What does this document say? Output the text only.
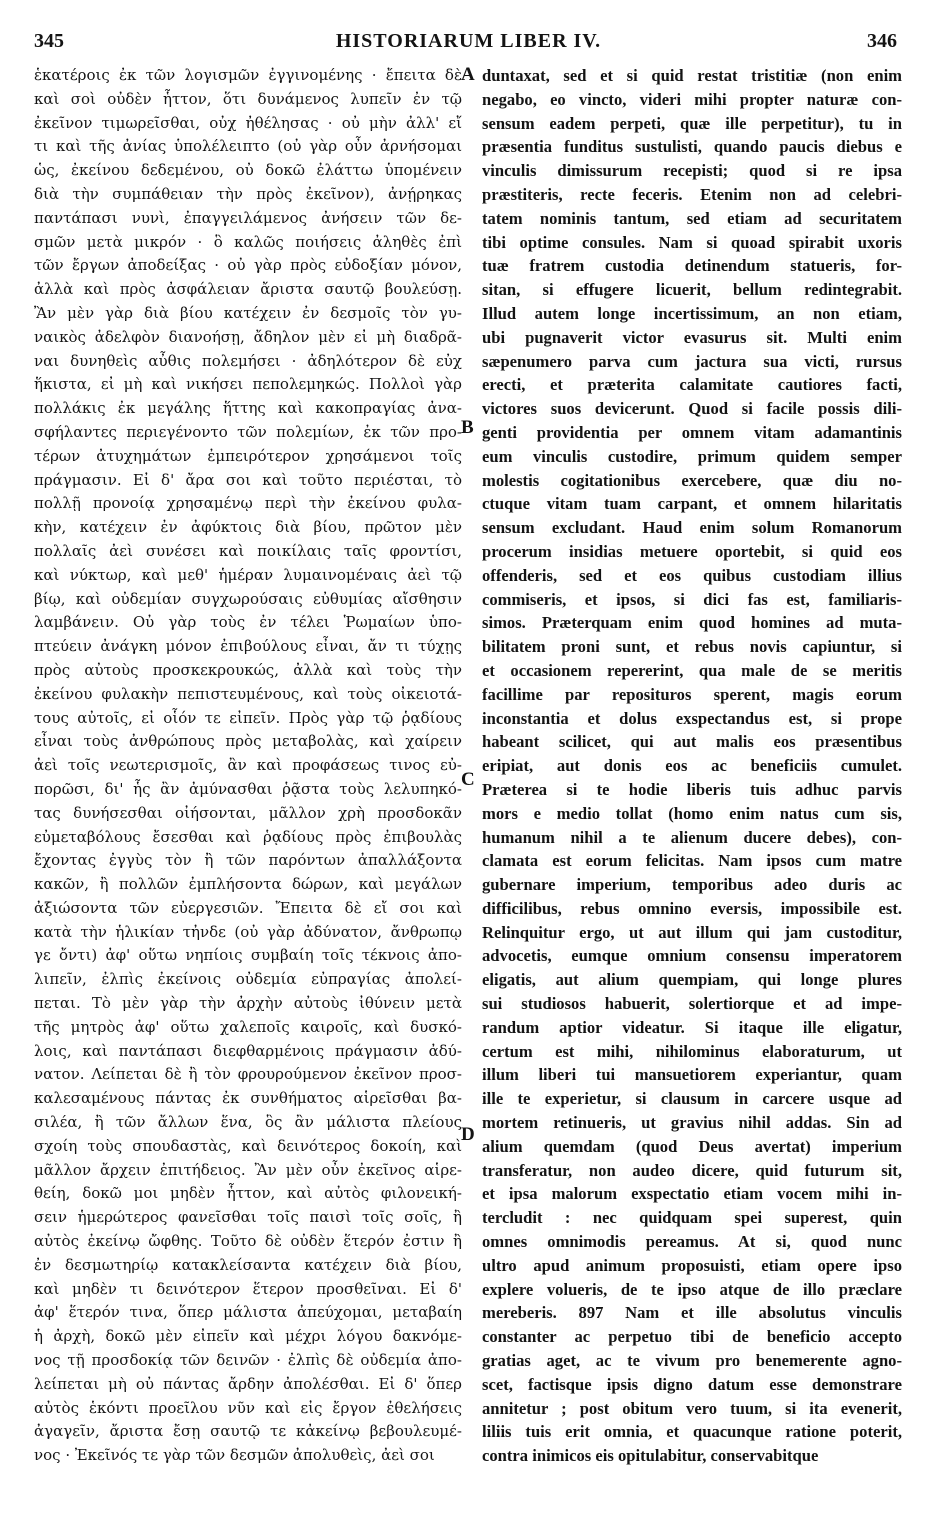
345	HISTORIARUM LIBER IV.	346
ἑκατέροις ἐκ τῶν λογισμῶν ἐγγινομένης · ἔπειτα δὲ
καὶ σοὶ οὐδὲν ἧττον, ὅτι δυνάμενος λυπεῖν ἐν τῷ
ἐκεῖνον τιμωρεῖσθαι, οὐχ ἠθέλησας · οὐ μὴν ἀλλ' εἴ
τι καὶ τῆς ἀνίας ὑπολέλειπτο (οὐ γὰρ οὖν ἀρνήσομαι
ὡς, ἐκείνου δεδεμένου, οὐ δοκῶ ἐλάττω ὑπομένειν
διὰ τὴν συμπάθειαν τὴν πρὸς ἐκεῖνον), ἀνῄρηκας
παντάπασι νυνὶ, ἐπαγγειλάμενος ἀνήσειν τῶν δε-
σμῶν μετὰ μικρόν · ὃ καλῶς ποιήσεις ἀληθὲς ἐπὶ
τῶν ἔργων ἀποδείξας · οὐ γὰρ πρὸς εὐδοξίαν μόνον,
ἀλλὰ καὶ πρὸς ἀσφάλειαν ἄριστα σαυτῷ βουλεύσῃ.
Ἂν μὲν γὰρ διὰ βίου κατέχειν ἐν δεσμοῖς τὸν γυ-
ναικὸς ἀδελφὸν διανοήσῃ, ἄδηλον μὲν εἰ μὴ διαδρᾶ-
ναι δυνηθεὶς αὖθις πολεμήσει · ἀδηλότερον δὲ εὐχ
ἥκιστα, εἰ μὴ καὶ νικήσει πεπολεμηκώς. Πολλοὶ γὰρ
πολλάκις ἐκ μεγάλης ἥττης καὶ κακοπραγίας ἀνα-
σφήλαντες περιεγένοντο τῶν πολεμίων, ἐκ τῶν προ-
τέρων ἀτυχημάτων ἐμπειρότερον χρησάμενοι τοῖς
πράγμασιν. Εἰ δ' ἄρα σοι καὶ τοῦτο περιέσται, τὸ
πολλῇ προνοίᾳ χρησαμένῳ περὶ τὴν ἐκείνου φυλα-
κὴν, κατέχειν ἐν ἀφύκτοις διὰ βίου, πρῶτον μὲν
πολλαῖς ἀεὶ συνέσει καὶ ποικίλαις ταῖς φροντίσι,
καὶ νύκτωρ, καὶ μεθ' ἡμέραν λυμαινομέναις ἀεὶ τῷ
βίῳ, καὶ οὐδεμίαν συγχωρούσαις εὐθυμίας αἴσθησιν
λαμβάνειν. Οὐ γὰρ τοὺς ἐν τέλει Ῥωμαίων ὑπο-
πτεύειν ἀνάγκη μόνον ἐπιβούλους εἶναι, ἄν τι τύχῃς
πρὸς αὐτοὺς προσκεκρουκώς, ἀλλὰ καὶ τοὺς τὴν
ἐκείνου φυλακὴν πεπιστευμένους, καὶ τοὺς οἰκειοτά-
τους αὐτοῖς, εἰ οἷόν τε εἰπεῖν. Πρὸς γὰρ τῷ ῥᾳδίους
εἶναι τοὺς ἀνθρώπους πρὸς μεταβολὰς, καὶ χαίρειν
ἀεὶ τοῖς νεωτερισμοῖς, ἂν καὶ προφάσεως τινος εὐ-
πορῶσι, δι' ἧς ἂν ἀμύνασθαι ῥᾷστα τοὺς λελυπηκό-
τας δυνήσεσθαι οἰήσονται, μᾶλλον χρὴ προσδοκᾶν
εὐμεταβόλους ἔσεσθαι καὶ ῥᾳδίους πρὸς ἐπιβουλὰς
ἔχοντας ἐγγὺς τὸν ἢ τῶν παρόντων ἀπαλλάξοντα
κακῶν, ἢ πολλῶν ἐμπλήσοντα δώρων, καὶ μεγάλων
ἀξιώσοντα τῶν εὐεργεσιῶν. Ἔπειτα δὲ εἴ σοι καὶ
κατὰ τὴν ἡλικίαν τἠνδε (οὐ γὰρ ἀδύνατον, ἄνθρωπῳ
γε ὄντι) ἀφ' οὕτω νηπίοις συμβαίη τοῖς τέκνοις ἀπο-
λιπεῖν, ἐλπὶς ἐκείνοις οὐδεμία εὐπραγίας ἀπολεί-
πεται. Τὸ μὲν γὰρ τὴν ἀρχὴν αὐτοὺς ἰθύνειν μετὰ
τῆς μητρὸς ἀφ' οὕτω χαλεποῖς καιροῖς, καὶ δυσκό-
λοις, καὶ παντάπασι διεφθαρμένοις πράγμασιν ἀδύ-
νατον. Λείπεται δὲ ἢ τὸν φρουρούμενον ἐκεῖνον προσ-
καλεσαμένους πάντας ἐκ συνθήματος αἱρεῖσθαι βα-
σιλέα, ἢ τῶν ἄλλων ἕνα, ὃς ἂν μάλιστα πλείους
σχοίη τοὺς σπουδαστὰς, καὶ δεινότερος δοκοίη, καὶ
μᾶλλον ἄρχειν ἐπιτήδειος. Ἂν μὲν οὖν ἐκεῖνος αἱρε-
θείη, δοκῶ μοι μηδὲν ἧττον, καὶ αὐτὸς φιλονεική-
σειν ἡμερώτερος φανεῖσθαι τοῖς παισὶ τοῖς σοῖς, ἢ
αὐτὸς ἐκείνῳ ὤφθης. Τοῦτο δὲ οὐδὲν ἕτερόν ἐστιν ἢ
ἐν δεσμωτηρίῳ κατακλείσαντα κατέχειν διὰ βίου,
καὶ μηδὲν τι δεινότερον ἕτερον προσθεῖναι. Εἰ δ'
ἀφ' ἕτερόν τινα, ὅπερ μάλιστα ἀπεύχομαι, μεταβαίη
ἡ ἀρχὴ, δοκῶ μὲν εἰπεῖν καὶ μέχρι λόγου δακνόμε-
νος τῇ προσδοκίᾳ τῶν δεινῶν · ἐλπὶς δὲ οὐδεμία ἀπο-
λείπεται μὴ οὐ πάντας ἄρδην ἀπολέσθαι. Εἰ δ' ὅπερ
αὐτὸς ἑκόντι προεῖλου νῦν καὶ εἰς ἔργον ἐθελήσεις
ἀγαγεῖν, ἄριστα ἔσῃ σαυτῷ τε κἀκείνῳ βεβουλευμέ-
νος · Ἐκεῖνός τε γὰρ τῶν δεσμῶν ἀπολυθεὶς, ἀεὶ σοι
duntaxat, sed et si quid restat tristitiæ (non enim
negabo, eo vincto, videri mihi propter naturæ con-
sensum eadem perpeti, quæ ille perpetitur), tu in
præsentia funditus sustulisti, quando paucis diebus e
vinculis dimissurum recepisti; quod si re ipsa
præstiteris, recte feceris. Etenim non ad celebri-
tatem nominis tantum, sed etiam ad securitatem
tibi optime consules. Nam si quoad spirabit uxoris
tuæ fratrem custodia detinendum statueris, for-
sitan, si effugere licuerit, bellum redintegrabit.
Illud autem longe incertissimum, an non etiam,
ubi pugnaverit victor evasurus sit. Multi enim
sæpenumero parva cum jactura sua victi, rursus
erecti, et præterita calamitate cautiores facti,
victores suos devicerunt. Quod si facile possis dili-
genti providentia per omnem vitam adamantinis
eum vinculis custodire, primum quidem semper
molestis cogitationibus exercebere, quæ diu no-
ctuque vitam tuam carpant, et omnem hilaritatis
sensum excludant. Haud enim solum Romanorum
procerum insidias metuere oportebit, si quid eos
offenderis, sed et eos quibus custodiam illius
commiseris, et ipsos, si dici fas est, familiaris-
simos. Præterquam enim quod homines ad muta-
bilitatem proni sunt, et rebus novis capiuntur, si
et occasionem repererint, qua male de se meritis
facillime par reposituros sperent, magis eorum
inconstantia et dolus exspectandus est, si prope
habeant scilicet, qui aut malis eos præsentibus
eripiat, aut donis eos ac beneficiis cumulet.
Præterea si te hodie liberis tuis adhuc parvis
mors e medio tollat (homo enim natus cum sis,
humanum nihil a te alienum ducere debes), con-
clamata est eorum felicitas. Nam ipsos cum matre
gubernare imperium, temporibus adeo duris ac
difficilibus, rebus omnino eversis, impossibile est.
Relinquitur ergo, ut aut illum qui jam custoditur,
advocetis, eumque omnium consensu imperatorem
eligatis, aut alium quempiam, qui longe plures
sui studiosos habuerit, solertiorque et ad impe-
randum aptior videatur. Si itaque ille eligatur,
certum est mihi, nihilominus elaboraturum, ut
illum liberi tui mansuetiorem experiantur, quam
ille te experietur, si clausum in carcere usque ad
mortem retinueris, ut gravius nihil addas. Sin ad
alium quemdam (quod Deus avertat) imperium
transferatur, non audeo dicere, quid futurum sit,
et ipsa malorum exspectatio etiam vocem mihi in-
tercludit : nec quidquam spei superest, quin
omnes omnimodis pereamus. At si, quod nunc
ultro apud animum proposuisti, etiam opere ipso
explere volueris, de te ipso atque de illo præclare
mereberis. 897 Nam et ille absolutus vinculis
constanter ac perpetuo tibi de beneficio accepto
gratias aget, ac te vivum pro benemerente agno-
scet, factisque ipsis digno datum esse demonstrare
annitetur ; post obitum vero tuum, si ita evenerit,
liliis tuis erit omnia, et quacunque ratione poterit,
contra inimicos eis opitulabitur, conservabitque
A
B
C
D
